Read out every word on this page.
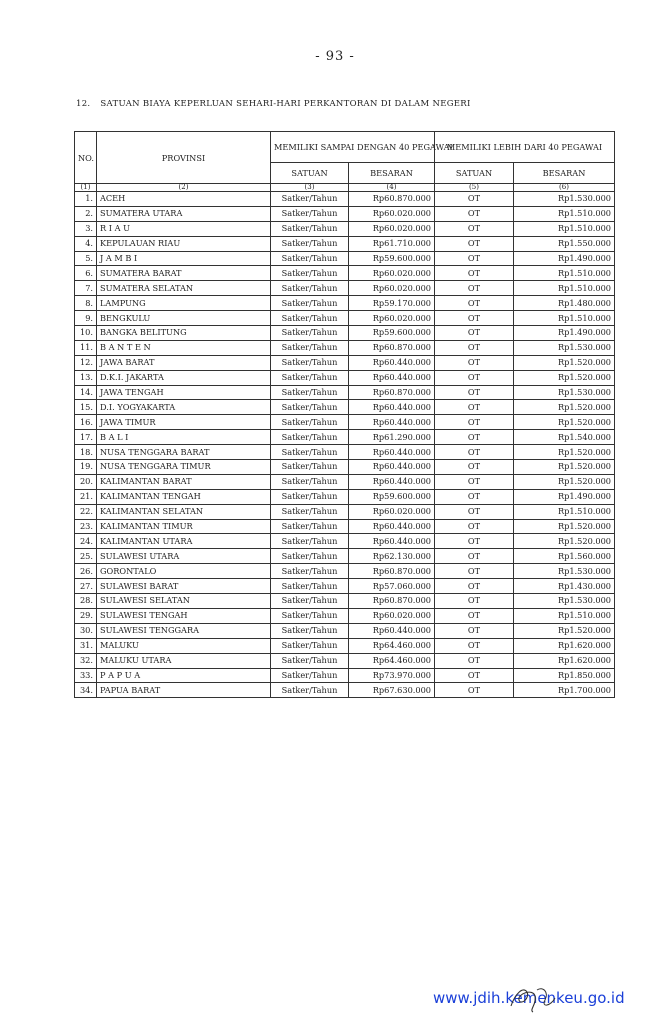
- 93 -
12. SATUAN BIAYA KEPERLUAN SEHARI-HARI PERKANTORAN DI DALAM NEGERI
NO.	PROVINSI	MEMILIKI SAMPAI DENGAN 40 PEGAWAI		MEMILIKI LEBIH DARI 40 PEGAWAI	
		SATUAN	BESARAN	SATUAN	BESARAN
(1)	(2)	(3)	(4)	(5)	(6)
1.	ACEH	Satker/Tahun	Rp60.870.000	OT	Rp1.530.000
2.	SUMATERA UTARA	Satker/Tahun	Rp60.020.000	OT	Rp1.510.000
3.	R I A U	Satker/Tahun	Rp60.020.000	OT	Rp1.510.000
4.	KEPULAUAN RIAU	Satker/Tahun	Rp61.710.000	OT	Rp1.550.000
5.	J A M B I	Satker/Tahun	Rp59.600.000	OT	Rp1.490.000
6.	SUMATERA BARAT	Satker/Tahun	Rp60.020.000	OT	Rp1.510.000
7.	SUMATERA SELATAN	Satker/Tahun	Rp60.020.000	OT	Rp1.510.000
8.	LAMPUNG	Satker/Tahun	Rp59.170.000	OT	Rp1.480.000
9.	BENGKULU	Satker/Tahun	Rp60.020.000	OT	Rp1.510.000
10.	BANGKA BELITUNG	Satker/Tahun	Rp59.600.000	OT	Rp1.490.000
11.	B A N T E N	Satker/Tahun	Rp60.870.000	OT	Rp1.530.000
12.	JAWA BARAT	Satker/Tahun	Rp60.440.000	OT	Rp1.520.000
13.	D.K.I. JAKARTA	Satker/Tahun	Rp60.440.000	OT	Rp1.520.000
14.	JAWA TENGAH	Satker/Tahun	Rp60.870.000	OT	Rp1.530.000
15.	D.I. YOGYAKARTA	Satker/Tahun	Rp60.440.000	OT	Rp1.520.000
16.	JAWA TIMUR	Satker/Tahun	Rp60.440.000	OT	Rp1.520.000
17.	B A L I	Satker/Tahun	Rp61.290.000	OT	Rp1.540.000
18.	NUSA TENGGARA BARAT	Satker/Tahun	Rp60.440.000	OT	Rp1.520.000
19.	NUSA TENGGARA TIMUR	Satker/Tahun	Rp60.440.000	OT	Rp1.520.000
20.	KALIMANTAN BARAT	Satker/Tahun	Rp60.440.000	OT	Rp1.520.000
21.	KALIMANTAN TENGAH	Satker/Tahun	Rp59.600.000	OT	Rp1.490.000
22.	KALIMANTAN SELATAN	Satker/Tahun	Rp60.020.000	OT	Rp1.510.000
23.	KALIMANTAN TIMUR	Satker/Tahun	Rp60.440.000	OT	Rp1.520.000
24.	KALIMANTAN UTARA	Satker/Tahun	Rp60.440.000	OT	Rp1.520.000
25.	SULAWESI UTARA	Satker/Tahun	Rp62.130.000	OT	Rp1.560.000
26.	GORONTALO	Satker/Tahun	Rp60.870.000	OT	Rp1.530.000
27.	SULAWESI BARAT	Satker/Tahun	Rp57.060.000	OT	Rp1.430.000
28.	SULAWESI SELATAN	Satker/Tahun	Rp60.870.000	OT	Rp1.530.000
29.	SULAWESI TENGAH	Satker/Tahun	Rp60.020.000	OT	Rp1.510.000
30.	SULAWESI TENGGARA	Satker/Tahun	Rp60.440.000	OT	Rp1.520.000
31.	MALUKU	Satker/Tahun	Rp64.460.000	OT	Rp1.620.000
32.	MALUKU UTARA	Satker/Tahun	Rp64.460.000	OT	Rp1.620.000
33.	P A P U A	Satker/Tahun	Rp73.970.000	OT	Rp1.850.000
34.	PAPUA BARAT	Satker/Tahun	Rp67.630.000	OT	Rp1.700.000
www.jdih.kemenkeu.go.id
